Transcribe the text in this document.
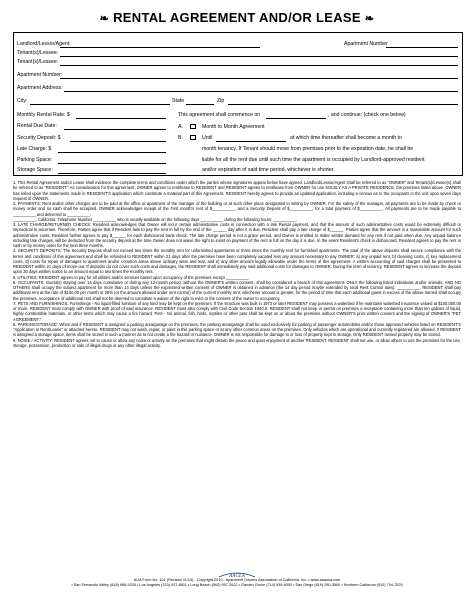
❧ RENTAL AGREEMENT AND/OR LEASE ❧
Landlord/Lessor/Agent:	Apartment Number
Tenant(s)/Lessee:
Tenant(s)/Lessee:
Apartment Number:
Apartment Address:
City:	State	Zip
Monthly Rental Rate: $
Rental Due Date:
Security Deposit: $
Late Charge: $
Parking Space:
Storage Space:
This agreement shall commence on	, and continue; (check one below)
A.	Month to Month Agreement
B.	Until	at which time thereafter shall become a month to
month tenancy. If Tenant should move from premises prior to the expiration date, he shall be
liable for all the rent due until such time the apartment is occupied by Landlord-approved resident
and/or expiration of said time period, whichever is shorter.

1. This Rental Agreement and/or Lease shall evidence the complete terms and conditions under which the parties whose signatures appear below have agreed. Landlord/Lessor/Agent shall be referred to as "OWNER" and Tenant(s)/Lessee(s) shall be referred to as "RESIDENT." As consideration for this agreement, OWNER agrees to rent/lease to RESIDENT and RESIDENT agrees to rent/lease from OWNER for use SOLELY AS A PRIVATE RESIDENCE, the premises listed above. OWNER has relied upon the statements made in RESIDENT'S application which constitute a material part of this Agreement. RESIDENT hereby agrees to provide an updated application, including a census as to the occupants in the unit upon seven days request of OWNER.

2. PAYMENTS: Rent and/or other charges are to be paid at the office or apartment of the manager of the building or at such other place designated in writing by OWNER. For the safety of the manager, all payments are to be made by check or money order and no cash shall be accepted. OWNER acknowledges receipt of the First month's rent of $__________, and a Security Deposit of $__________, for a total payment of $__________. All payments are to be made payable to __________ and delivered to __________.

__________, California, Telephone Number __________ who is usually available on the following days __________ during the following hours: __________.

3. LATE CHARGE/RETURNED CHECKS: Resident acknowledges that Owner will incur certain administrative costs in connection with a late Rental payment, and that the amount of such administrative costs would be extremely difficult or impractical to ascertain. Therefore, Parties agree that if Resident fails to pay the rent in full by the end of the ______ day after it is due, Resident shall pay a late charge of $______. Parties agree that the amount is a reasonable amount for such administrative costs. Resident further agrees to pay $______ for each dishonored bank check. The late charge period is not a grace period, and Owner is entitled to make written demand for any rent if not paid when due. Any unpaid balance including late charges, will be deducted from the security deposit at the time Owner does not waive the right to insist on payment of the rent in full on the day it is due. In the event Resident's check is dishonored, Resident agrees to pay the rent in cash or by money order for the next three months.

4. SECURITY DEPOSITS: The Security Deposit shall not exceed two times the monthly rent for unfurnished apartments or three times the monthly rent for furnished apartments. The total of the above deposits shall secure compliance with the terms and conditions of this agreement and shall be refunded to RESIDENT within 21 days after the premises have been completely vacated less any amount necessary to pay OWNER: a) any unpaid rent, b) cleaning costs, c) key replacement costs, d) costs for repair of damages to apartment and/or common areas above ordinary wear and tear, and e) any other amount legally allowable under the terms of this agreement. A written accounting of said charges shall be presented to RESIDENT within 21 days of move-out. If deposits do not cover such costs and damages, the RESIDENT shall immediately pay said additional costs for damages to OWNER. During the term of tenancy, RESIDENT agrees to increase the deposit upon 30 days written notice to an amount equal to two times the monthly rent.

5. UTILITIES: RESIDENT agrees to pay for all utilities and/or services based upon occupancy of the premises except __________.

6. OCCUPANTS: Guest(s) staying over 14 days cumulative or during any 12-month period, without the OWNER'S written consent, shall be considered a breach of this agreement. ONLY the following listed individuals and/or animals, AND NO OTHERS shall occupy the subject apartment for more than 14 days unless the expressed written consent of OWNER is obtained in advance (the 14 day period maybe extended by local Rent Control laws): __________. RESIDENT shall pay additional rent at the rate of $100.00 per month or 25% (or the amount allowed under rent control) of the current monthly rent; whichever amount is greater, for the period of time that each additional guest in excess of the above named shall occupy the premises. Acceptance of additional rent shall not be deemed to constitute a waiver of the right to evict or the consent of the owner to occupancy.

7. PETS AND FURNISHINGS: Furnishings - No liquid-filled furniture of any kind may be kept on the premises. If the structure was built in 1973 or later RESIDENT may possess a waterbed if he maintains waterbed insurance valued at $100,000.00 or more. RESIDENT must comply with OWNER with proof of said insurance. RESIDENT must also comply with Civil Code Section 1940.5. RESIDENT shall not keep or permit on premises a receptacle containing more than ten gallons of liquid, highly combustible materials, or other items which may cause a fire hazard. Pets - No animal, fish, birds, reptiles or other pets shall be kept on or about the premises without OWNER'S prior written consent and the signing of OWNER'S "PET AGREEMENT."

8. PARKING/STORAGE: When and if RESIDENT is assigned a parking area/garage on the premises, the parking area/garage shall be used exclusively for parking of passenger automobiles and/or those approved vehicles listed on RESIDENT'S "Application to Rent/Lease" or attached hereto. RESIDENT may not wash, repair, or paint in this parking space or at any other common areas on the premises. Only vehicles which are operational and currently registered are allowed. If RESIDENT is assigned a storage space, items shall be stored in such a manner as to not create a fire hazard or nuisance. OWNER is not responsible for damage to or loss of property kept in storage. Only RESIDENT owned property may be stored.

9. NOISE / ACTIVITY: RESIDENT agrees not to cause or allow any noise or activity on the premises that might disturb the peace and quiet enjoyment of another RESIDENT. RESIDENT shall not use, or allow others to use the premises for the use, storage, possession, production or sale of illegal drugs or any other illegal activity.

AAGLA
AOA Form No. 101 (Revised 11/14) - Copyright 2010 - Apartment Owners Association of California, Inc. • www.aoausa.com
• San Fernando Valley (818) 988-9200 • Los Angeles (323) 937-8811 • Long Beach (562) 597-2622 • Garden Grove (714) 539-6000 • San Diego (619) 280-3500 • Northern California (510) 794-7525
